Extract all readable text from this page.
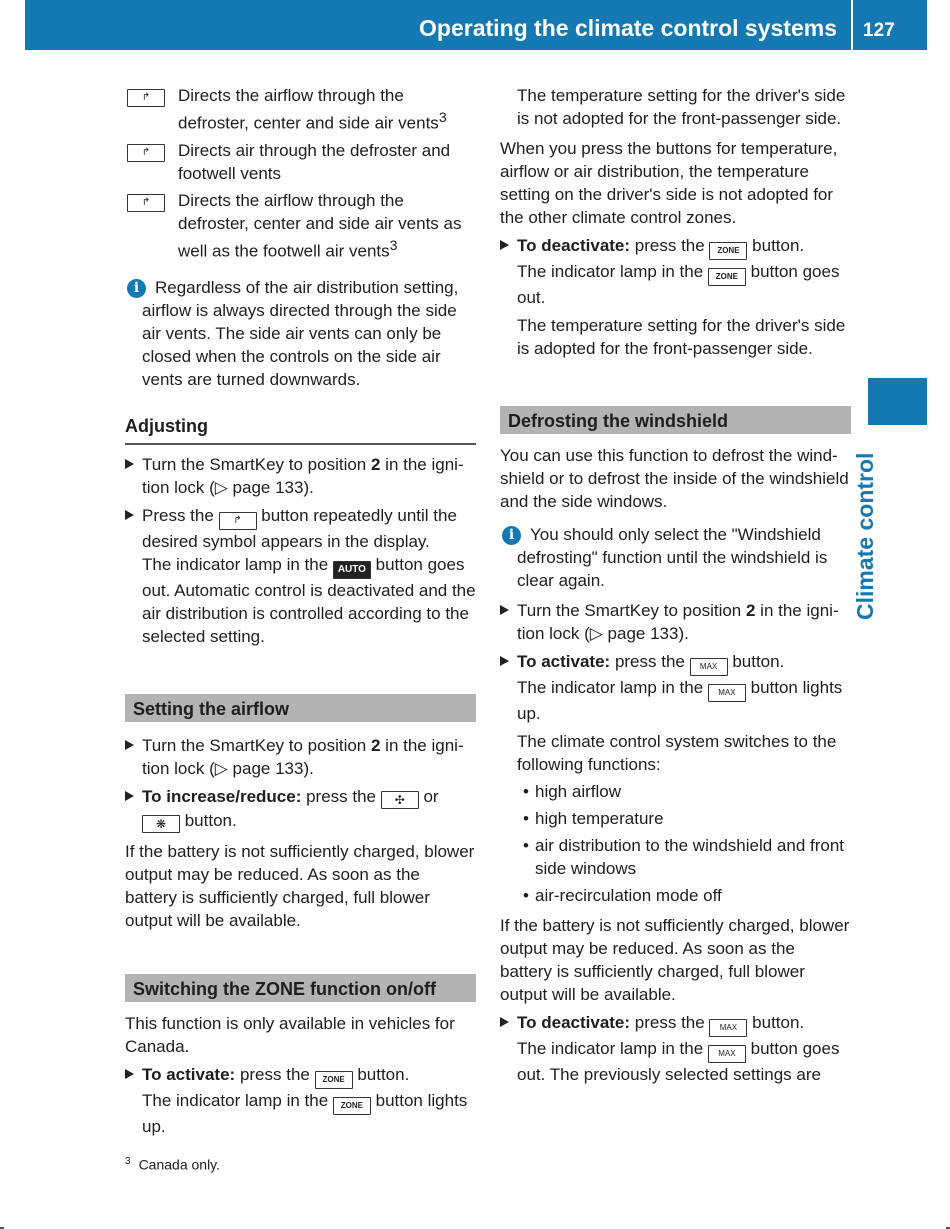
Operating the climate control systems 127
Climate control
↱	Directs the airflow through the defroster, center and side air vents$^3$
↱	Directs air through the defroster and footwell vents
↱	Directs the airflow through the defroster, center and side air vents as well as the footwell air vents$^3$
i Regardless of the air distribution setting, airflow is always directed through the side air vents. The side air vents can only be closed when the controls on the side air vents are turned downwards.

Adjusting
Turn the SmartKey to position 2 in the ignition lock (▷ page 133).
Press the ↱ button repeatedly until the desired symbol appears in the display.

The indicator lamp in the AUTO button goes out. Automatic control is deactivated and the air distribution is controlled according to the selected setting.

Setting the airflow
Turn the SmartKey to position 2 in the ignition lock (▷ page 133).
To increase/reduce: press the ✣ or
❋ button.

If the battery is not sufficiently charged, blower output may be reduced. As soon as the battery is sufficiently charged, full blower output will be available.

Switching the ZONE function on/off

This function is only available in vehicles for Canada.

To activate: press the ZONE button.

The indicator lamp in the ZONE button lights up.

The temperature setting for the driver's side is not adopted for the front-passenger side.

When you press the buttons for temperature, airflow or air distribution, the temperature setting on the driver's side is not adopted for the other climate control zones.

To deactivate: press the ZONE button.

The indicator lamp in the ZONE button goes out.

The temperature setting for the driver's side is adopted for the front-passenger side.

Defrosting the windshield

You can use this function to defrost the windshield or to defrost the inside of the windshield and the side windows.

i You should only select the "Windshield defrosting" function until the windshield is clear again.

Turn the SmartKey to position 2 in the ignition lock (▷ page 133).
To activate: press the MAX button.

The indicator lamp in the MAX button lights up.

The climate control system switches to the following functions:

• high airflow
• high temperature
• air distribution to the windshield and front side windows
• air-recirculation mode off

If the battery is not sufficiently charged, blower output may be reduced. As soon as the battery is sufficiently charged, full blower output will be available.

To deactivate: press the MAX button.

The indicator lamp in the MAX button goes out. The previously selected settings are

$^3$ Canada only.
